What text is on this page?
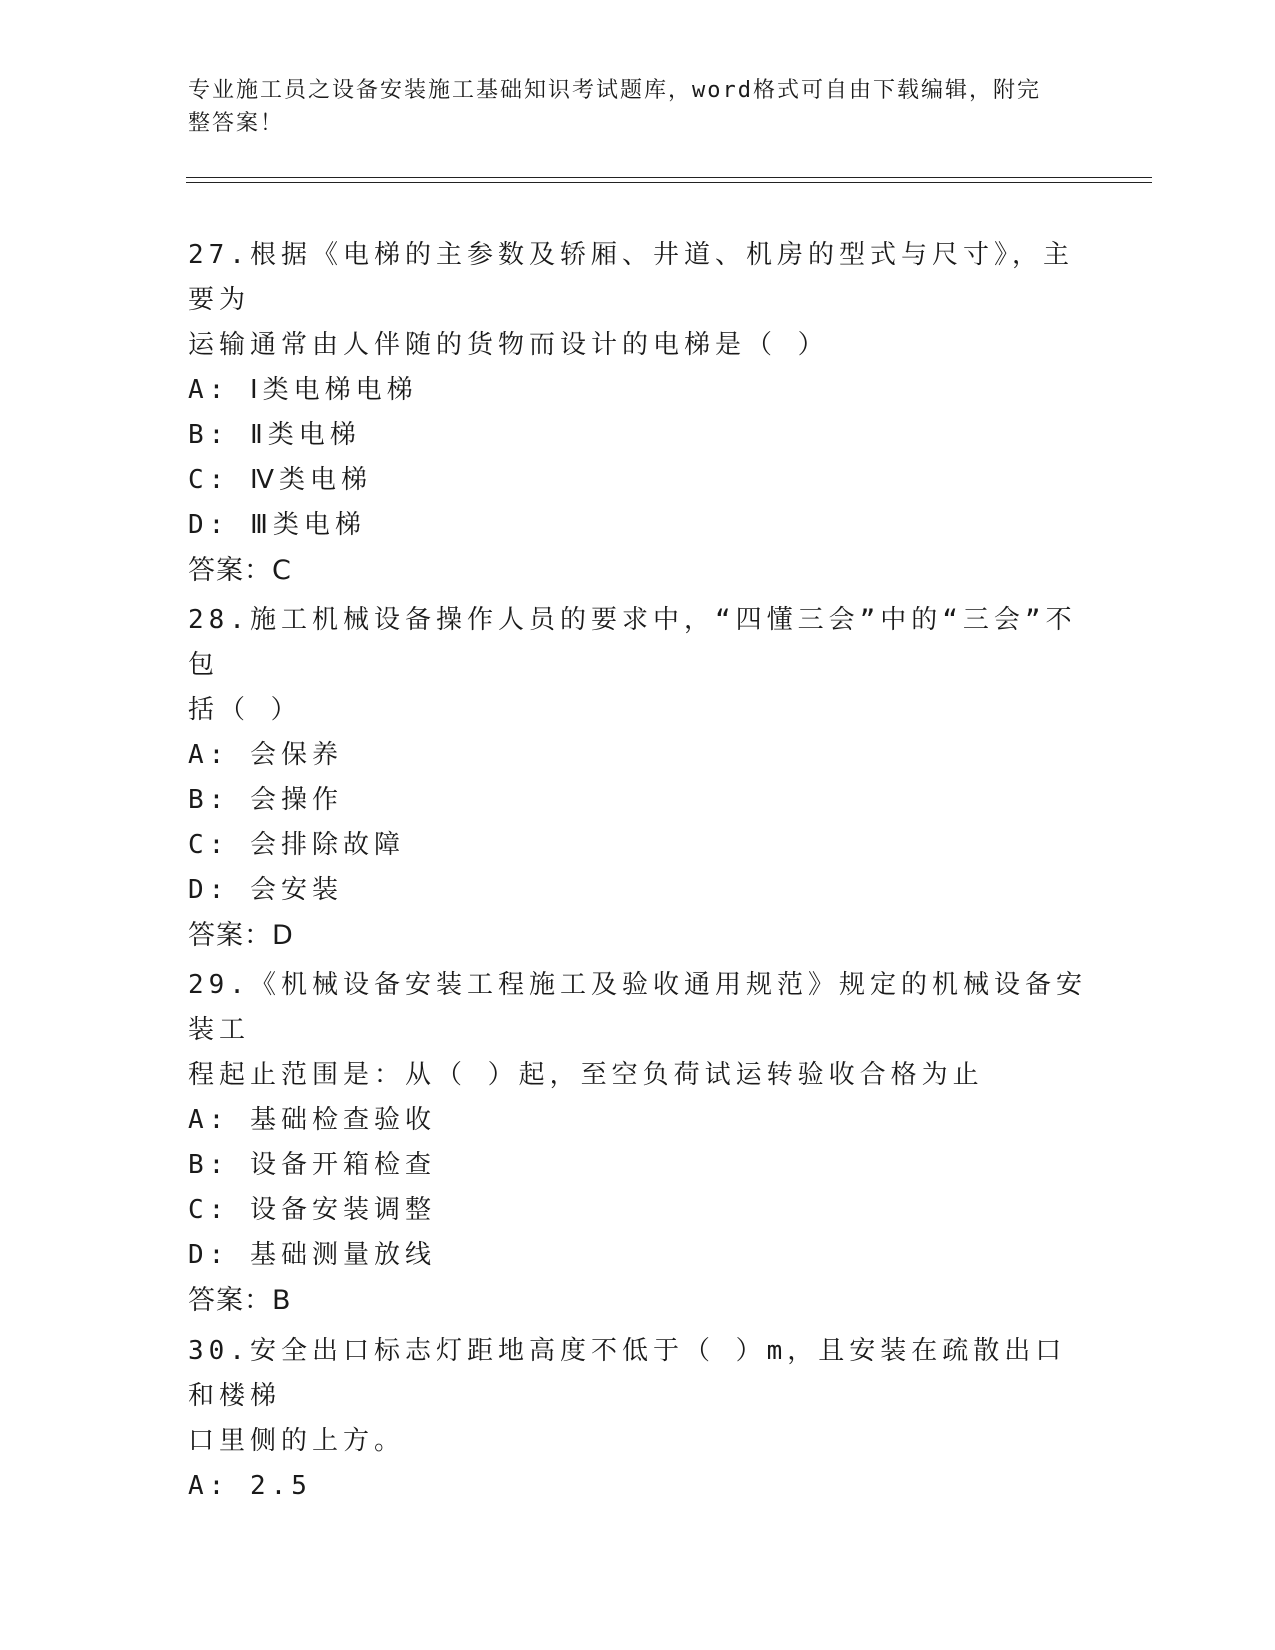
专业施工员之设备安装施工基础知识考试题库，word格式可自由下载编辑，附完
整答案！

27.根据《电梯的主参数及轿厢、井道、机房的型式与尺寸》，主要为

运输通常由人伴随的货物而设计的电梯是（ ）

A: Ⅰ类电梯电梯

B: Ⅱ类电梯

C: Ⅳ类电梯

D: Ⅲ类电梯

答案：C

28.施工机械设备操作人员的要求中，“四懂三会”中的“三会”不包

括（ ）

A: 会保养

B: 会操作

C: 会排除故障

D: 会安装

答案：D

29.《机械设备安装工程施工及验收通用规范》规定的机械设备安装工

程起止范围是：从（ ）起，至空负荷试运转验收合格为止

A: 基础检查验收

B: 设备开箱检查

C: 设备安装调整

D: 基础测量放线

答案：B

30.安全出口标志灯距地高度不低于（ ）m，且安装在疏散出口和楼梯

口里侧的上方。

A: 2.5
